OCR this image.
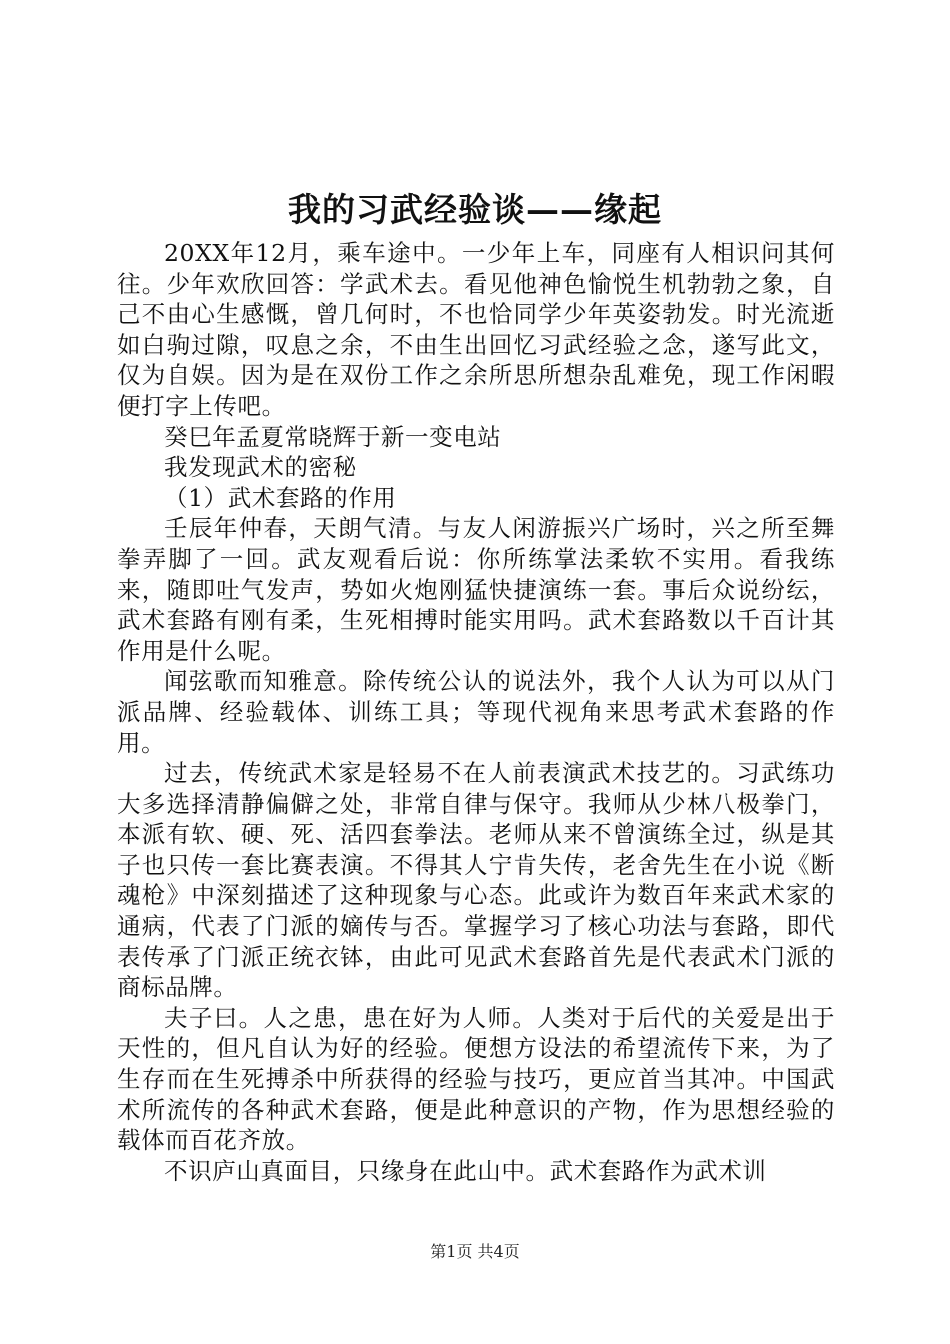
我的习武经验谈——缘起

20XX年12月，乘车途中。一少年上车，同座有人相识问其何往。少年欢欣回答：学武术去。看见他神色愉悦生机勃勃之象，自己不由心生感慨，曾几何时，不也恰同学少年英姿勃发。时光流逝如白驹过隙，叹息之余，不由生出回忆习武经验之念，遂写此文，仅为自娱。因为是在双份工作之余所思所想杂乱难免，现工作闲暇便打字上传吧。

癸巳年孟夏常晓辉于新一变电站

我发现武术的密秘

（1）武术套路的作用

壬辰年仲春，天朗气清。与友人闲游振兴广场时，兴之所至舞拳弄脚了一回。武友观看后说：你所练掌法柔软不实用。看我练来，随即吐气发声，势如火炮刚猛快捷演练一套。事后众说纷纭，武术套路有刚有柔，生死相搏时能实用吗。武术套路数以千百计其作用是什么呢。

闻弦歌而知雅意。除传统公认的说法外，我个人认为可以从门派品牌、经验载体、训练工具；等现代视角来思考武术套路的作用。

过去，传统武术家是轻易不在人前表演武术技艺的。习武练功大多选择清静偏僻之处，非常自律与保守。我师从少林八极拳门，本派有软、硬、死、活四套拳法。老师从来不曾演练全过，纵是其子也只传一套比赛表演。不得其人宁肯失传，老舍先生在小说《断魂枪》中深刻描述了这种现象与心态。此或许为数百年来武术家的通病，代表了门派的嫡传与否。掌握学习了核心功法与套路，即代表传承了门派正统衣钵，由此可见武术套路首先是代表武术门派的商标品牌。

夫子曰。人之患，患在好为人师。人类对于后代的关爱是出于天性的，但凡自认为好的经验。便想方设法的希望流传下来，为了生存而在生死搏杀中所获得的经验与技巧，更应首当其冲。中国武术所流传的各种武术套路，便是此种意识的产物，作为思想经验的载体而百花齐放。

不识庐山真面目，只缘身在此山中。武术套路作为武术训

第1页 共4页
